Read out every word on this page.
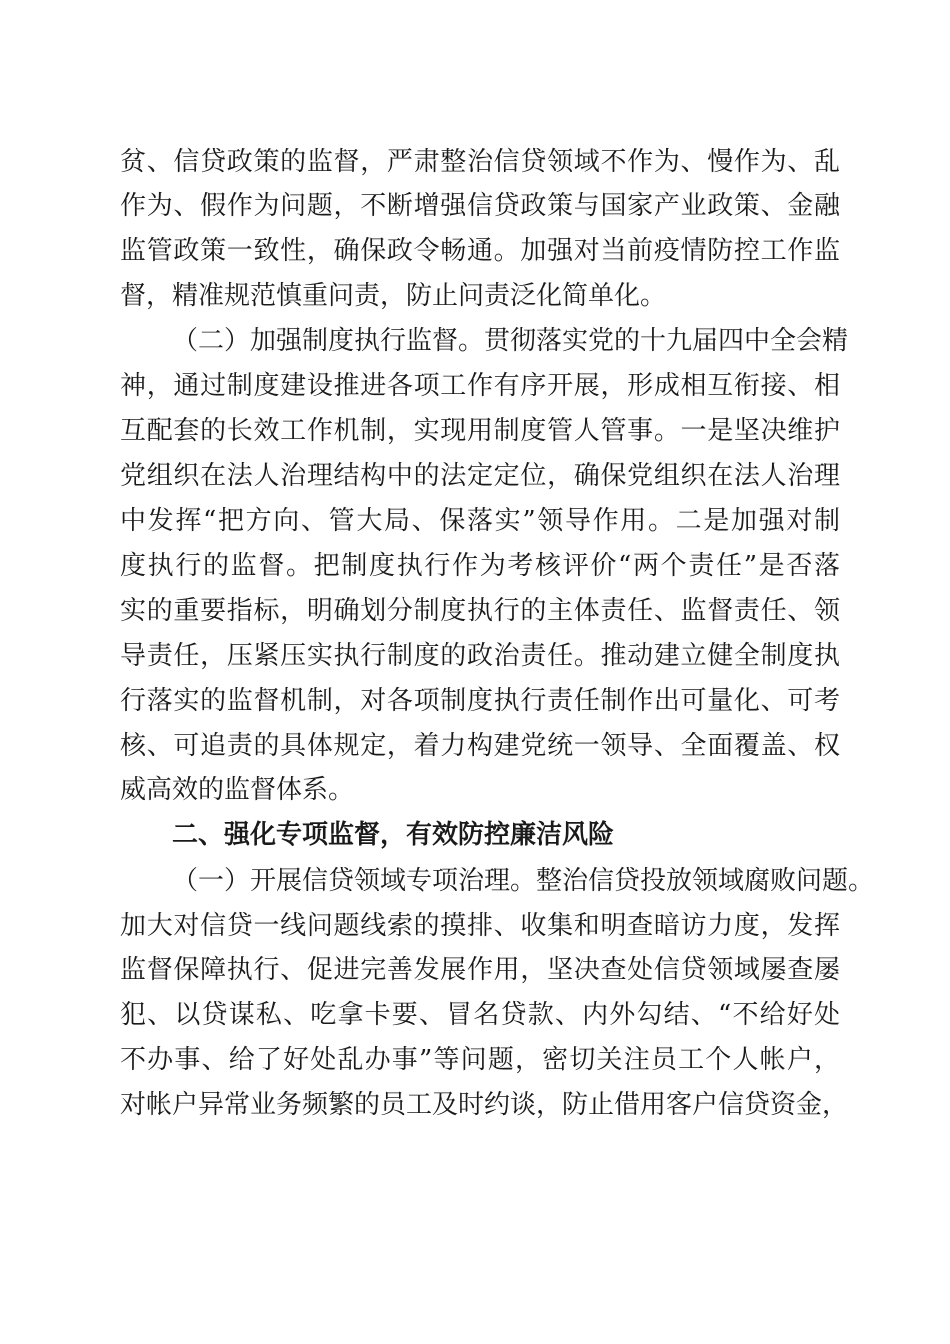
贫、信贷政策的监督，严肃整治信贷领域不作为、慢作为、乱
作为、假作为问题，不断增强信贷政策与国家产业政策、金融
监管政策一致性，确保政令畅通。加强对当前疫情防控工作监
督，精准规范慎重问责，防止问责泛化简单化。
（二）加强制度执行监督。贯彻落实党的十九届四中全会精
神，通过制度建设推进各项工作有序开展，形成相互衔接、相
互配套的长效工作机制，实现用制度管人管事。一是坚决维护
党组织在法人治理结构中的法定定位，确保党组织在法人治理
中发挥“把方向、管大局、保落实”领导作用。二是加强对制
度执行的监督。把制度执行作为考核评价“两个责任”是否落
实的重要指标，明确划分制度执行的主体责任、监督责任、领
导责任，压紧压实执行制度的政治责任。推动建立健全制度执
行落实的监督机制，对各项制度执行责任制作出可量化、可考
核、可追责的具体规定，着力构建党统一领导、全面覆盖、权
威高效的监督体系。
二、强化专项监督，有效防控廉洁风险
（一）开展信贷领域专项治理。整治信贷投放领域腐败问题。
加大对信贷一线问题线索的摸排、收集和明查暗访力度，发挥
监督保障执行、促进完善发展作用，坚决查处信贷领域屡查屡
犯、以贷谋私、吃拿卡要、冒名贷款、内外勾结、“不给好处
不办事、给了好处乱办事”等问题，密切关注员工个人帐户，
对帐户异常业务频繁的员工及时约谈，防止借用客户信贷资金，
